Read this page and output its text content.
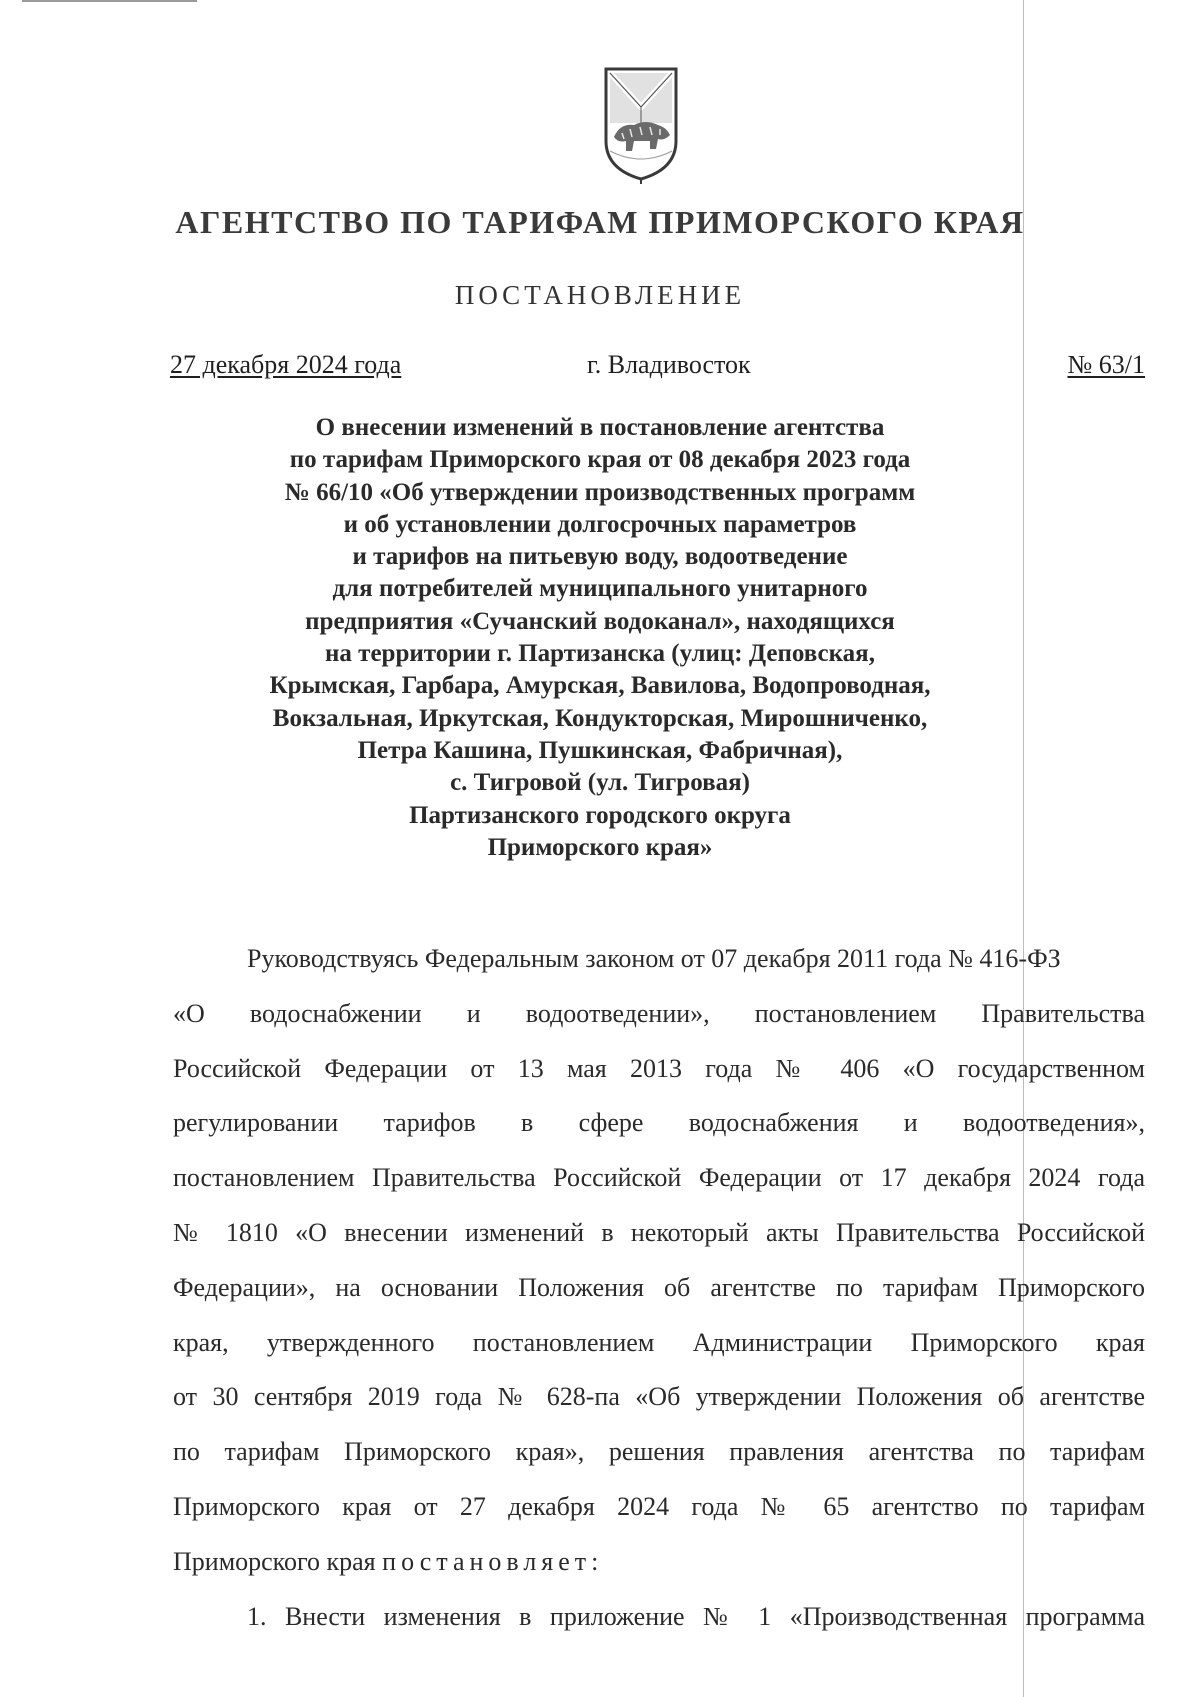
АГЕНТСТВО ПО ТАРИФАМ ПРИМОРСКОГО КРАЯ
ПОСТАНОВЛЕНИЕ
27 декабря 2024 года	г. Владивосток	№ 63/1
О внесении изменений в постановление агентства
по тарифам Приморского края от 08 декабря 2023 года
№ 66/10 «Об утверждении производственных программ
и об установлении долгосрочных параметров
и тарифов на питьевую воду, водоотведение
для потребителей муниципального унитарного
предприятия «Сучанский водоканал», находящихся
на территории г. Партизанска (улиц: Деповская,
Крымская, Гарбара, Амурская, Вавилова, Водопроводная,
Вокзальная, Иркутская, Кондукторская, Мирошниченко,
Петра Кашина, Пушкинская, Фабричная),
с. Тигровой (ул. Тигровая)
Партизанского городского округа
Приморского края»
Руководствуясь Федеральным законом от 07 декабря 2011 года № 416-ФЗ
«О водоснабжении и водоотведении», постановлением Правительства
Российской Федерации от 13 мая 2013 года № 406 «О государственном
регулировании тарифов в сфере водоснабжения и водоотведения»,
постановлением Правительства Российской Федерации от 17 декабря 2024 года
№ 1810 «О внесении изменений в некоторый акты Правительства Российской
Федерации», на основании Положения об агентстве по тарифам Приморского
края, утвержденного постановлением Администрации Приморского края
от 30 сентября 2019 года № 628-па «Об утверждении Положения об агентстве
по тарифам Приморского края», решения правления агентства по тарифам
Приморского края от 27 декабря 2024 года № 65 агентство по тарифам
Приморского края постановляет:
1. Внести изменения в приложение № 1 «Производственная программа
